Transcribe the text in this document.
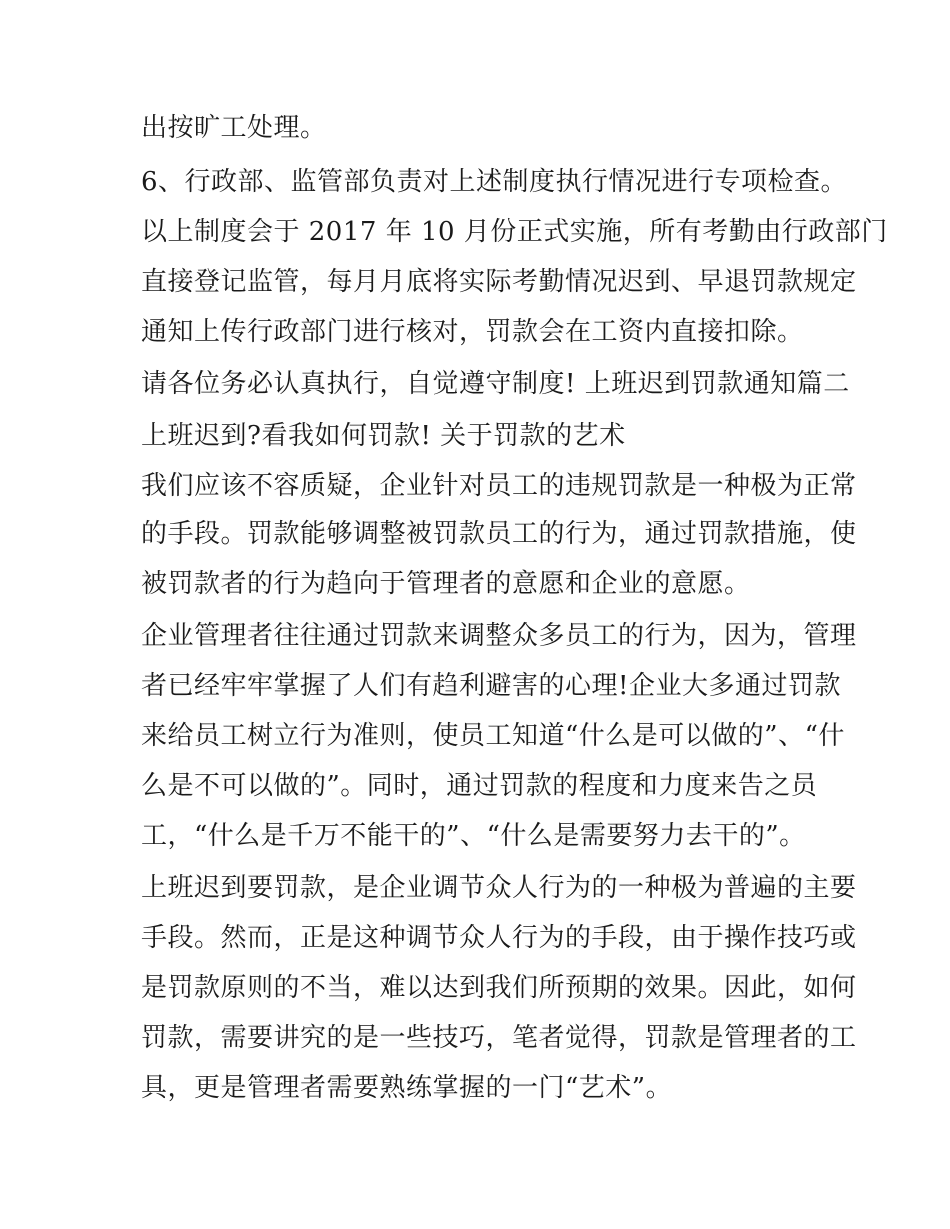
出按旷工处理。
6、行政部、监管部负责对上述制度执行情况进行专项检查。
以上制度会于 2017 年 10 月份正式实施，所有考勤由行政部门
直接登记监管，每月月底将实际考勤情况迟到、早退罚款规定
通知上传行政部门进行核对，罚款会在工资内直接扣除。
请各位务必认真执行，自觉遵守制度! 上班迟到罚款通知篇二
上班迟到?看我如何罚款! 关于罚款的艺术
我们应该不容质疑，企业针对员工的违规罚款是一种极为正常
的手段。罚款能够调整被罚款员工的行为，通过罚款措施，使
被罚款者的行为趋向于管理者的意愿和企业的意愿。
企业管理者往往通过罚款来调整众多员工的行为，因为，管理
者已经牢牢掌握了人们有趋利避害的心理!企业大多通过罚款
来给员工树立行为准则，使员工知道“什么是可以做的”、“什
么是不可以做的”。同时，通过罚款的程度和力度来告之员
工，“什么是千万不能干的”、“什么是需要努力去干的”。
上班迟到要罚款，是企业调节众人行为的一种极为普遍的主要
手段。然而，正是这种调节众人行为的手段，由于操作技巧或
是罚款原则的不当，难以达到我们所预期的效果。因此，如何
罚款，需要讲究的是一些技巧，笔者觉得，罚款是管理者的工
具，更是管理者需要熟练掌握的一门“艺术”。
